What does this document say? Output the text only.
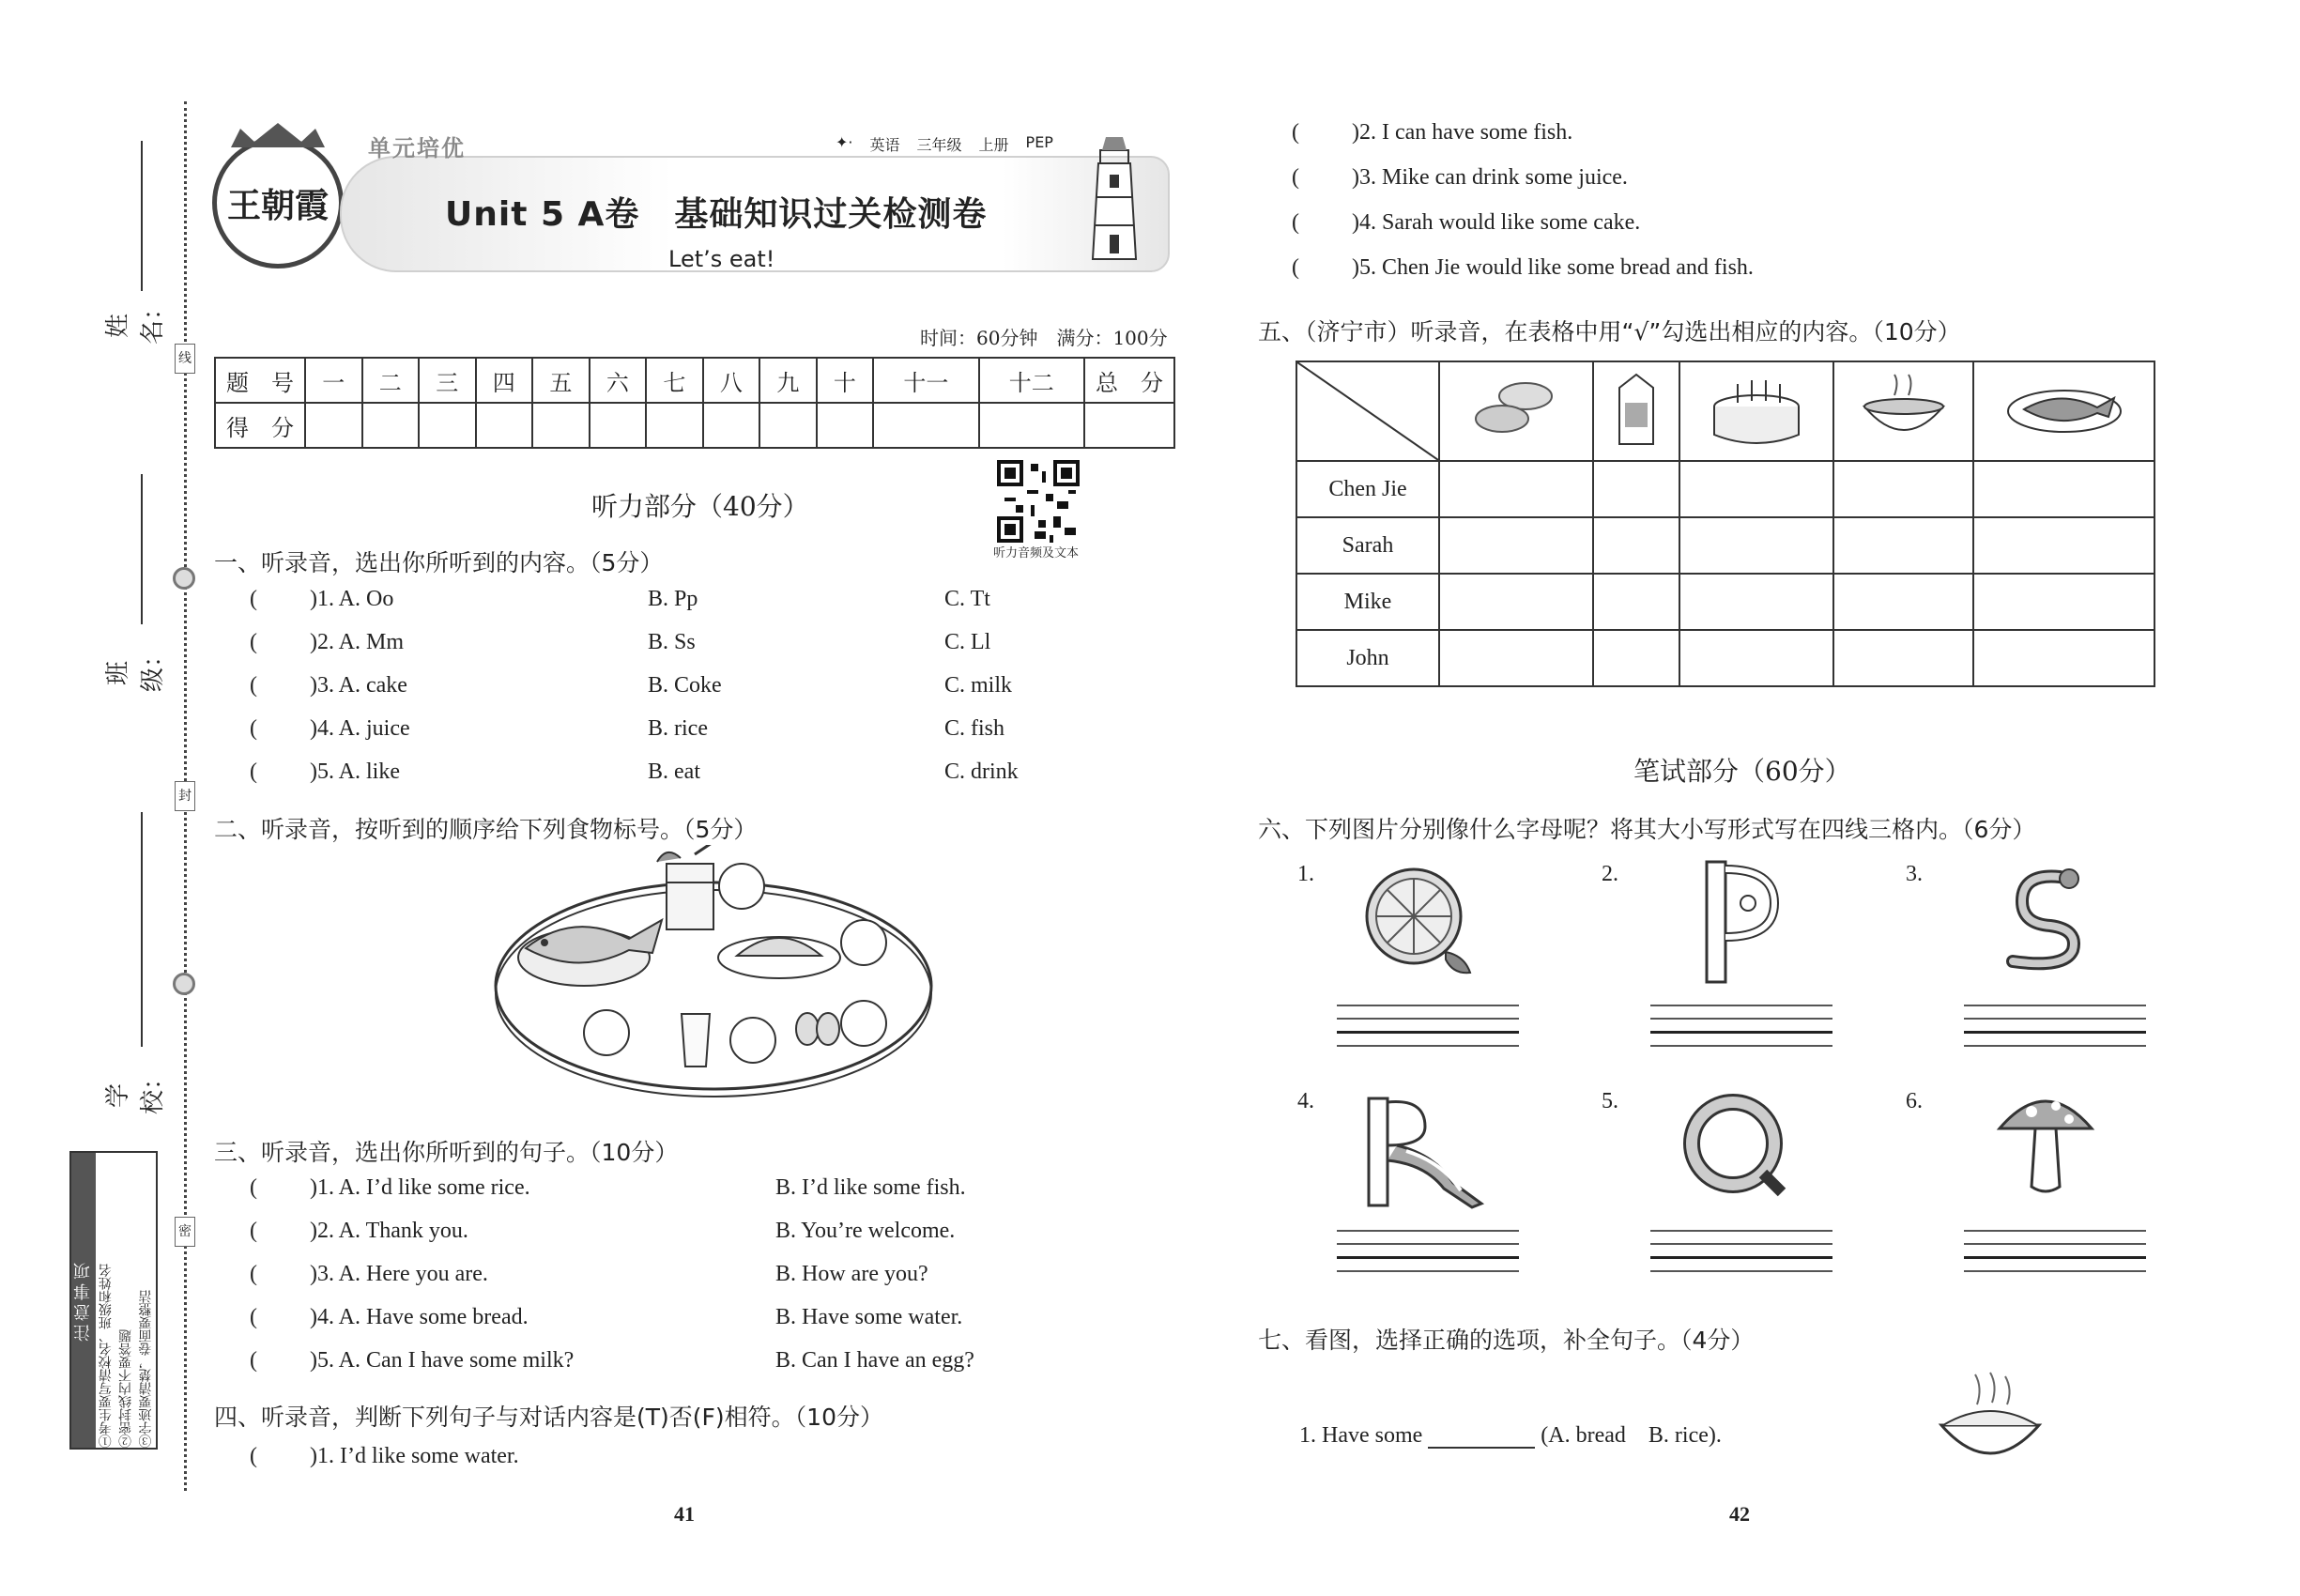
姓 名：
班 级：
学 校：
线
封
密
注意事项 ①考生要写清校名、班级和姓名 ②密封线内不要答题 ③字迹要清楚，卷面要整洁
王朝霞
单元培优	✦· 英语 三年级 上册 PEP
Unit 5 A卷　基础知识过关检测卷
Let’s eat!
时间：60分钟　满分：100分
题　号	一	二	三	四	五	六	七	八	九	十	十一	十二	总　分
得　分													
听力部分（40分）
听力音频及文本
一、听录音，选出你所听到的内容。（5分）
( )1. A. Oo	B. Pp	C. Tt
( )2. A. Mm	B. Ss	C. Ll
( )3. A. cake	B. Coke	C. milk
( )4. A. juice	B. rice	C. fish
( )5. A. like	B. eat	C. drink
二、听录音，按听到的顺序给下列食物标号。（5分）
三、听录音，选出你所听到的句子。（10分）
( )1. A. I’d like some rice.	B. I’d like some fish.
( )2. A. Thank you.	B. You’re welcome.
( )3. A. Here you are.	B. How are you?
( )4. A. Have some bread.	B. Have some water.
( )5. A. Can I have some milk?	B. Can I have an egg?
四、听录音，判断下列句子与对话内容是(T)否(F)相符。（10分）
( )1. I’d like some water.
41
( )2. I can have some fish.
( )3. Mike can drink some juice.
( )4. Sarah would like some cake.
( )5. Chen Jie would like some bread and fish.
五、（济宁市）听录音，在表格中用“√”勾选出相应的内容。（10分）

Chen Jie					
Sarah					
Mike					
John					
笔试部分（60分）
六、下列图片分别像什么字母呢？将其大小写形式写在四线三格内。（6分）
1.	2.	3.
4.	5.	6.
七、看图，选择正确的选项，补全句子。（4分）
1. Have some	(A. bread　B. rice).
42
